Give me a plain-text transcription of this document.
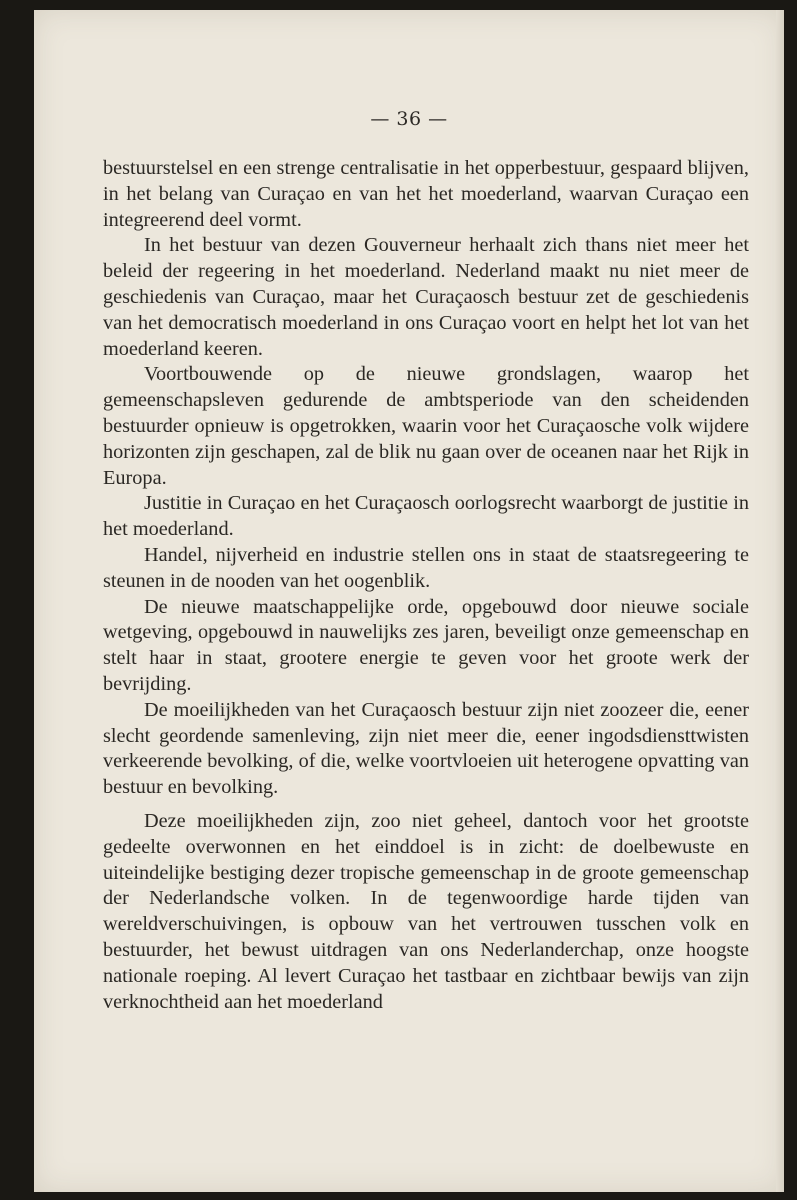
— 36 —

bestuurstelsel en een strenge centralisatie in het opperbestuur, gespaard blijven, in het belang van Curaçao en van het het moederland, waarvan Curaçao een integreerend deel vormt.

In het bestuur van dezen Gouverneur herhaalt zich thans niet meer het beleid der regeering in het moederland. Nederland maakt nu niet meer de geschiedenis van Curaçao, maar het Curaçaosch bestuur zet de geschiedenis van het democratisch moederland in ons Curaçao voort en helpt het lot van het moederland keeren.

Voortbouwende op de nieuwe grondslagen, waarop het gemeenschapsleven gedurende de ambtsperiode van den scheidenden bestuurder opnieuw is opgetrokken, waarin voor het Curaçaosche volk wijdere horizonten zijn geschapen, zal de blik nu gaan over de oceanen naar het Rijk in Europa.

Justitie in Curaçao en het Curaçaosch oorlogsrecht waarborgt de justitie in het moederland.

Handel, nijverheid en industrie stellen ons in staat de staatsregeering te steunen in de nooden van het oogenblik.

De nieuwe maatschappelijke orde, opgebouwd door nieuwe sociale wetgeving, opgebouwd in nauwelijks zes jaren, beveiligt onze gemeenschap en stelt haar in staat, grootere energie te geven voor het groote werk der bevrijding.

De moeilijkheden van het Curaçaosch bestuur zijn niet zoozeer die, eener slecht geordende samenleving, zijn niet meer die, eener ingodsdiensttwisten verkeerende bevolking, of die, welke voortvloeien uit heterogene opvatting van bestuur en bevolking.

Deze moeilijkheden zijn, zoo niet geheel, dantoch voor het grootste gedeelte overwonnen en het einddoel is in zicht: de doelbewuste en uiteindelijke bestiging dezer tropische gemeenschap in de groote gemeenschap der Nederlandsche volken. In de tegenwoordige harde tijden van wereldverschuivingen, is opbouw van het vertrouwen tusschen volk en bestuurder, het bewust uitdragen van ons Nederlanderchap, onze hoogste nationale roeping. Al levert Curaçao het tastbaar en zichtbaar bewijs van zijn verknochtheid aan het moederland
